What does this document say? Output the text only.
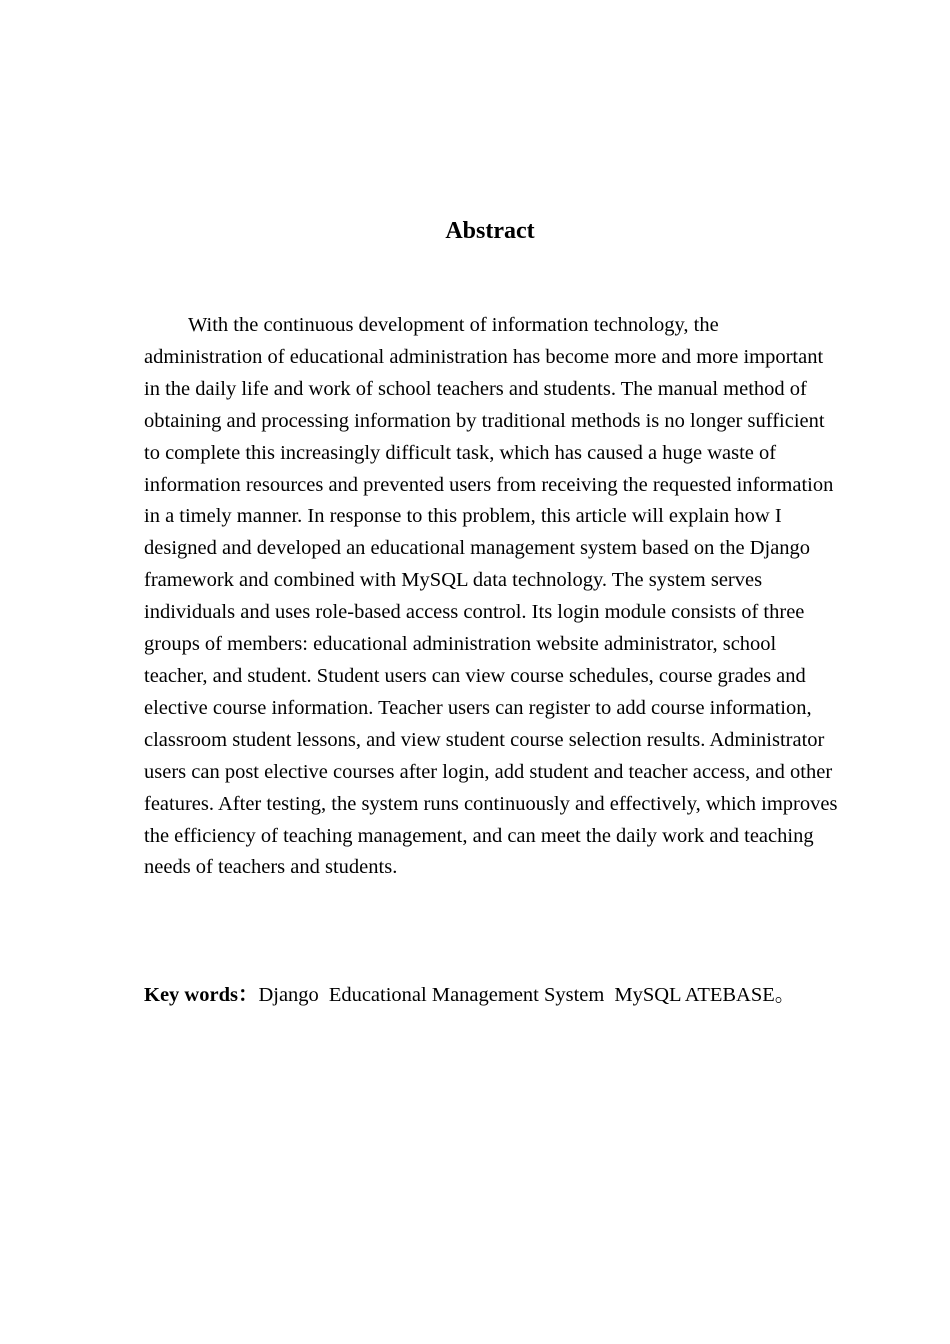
Abstract

With the continuous development of information technology, the administration of educational administration has become more and more important in the daily life and work of school teachers and students. The manual method of obtaining and processing information by traditional methods is no longer sufficient to complete this increasingly difficult task, which has caused a huge waste of information resources and prevented users from receiving the requested information in a timely manner. In response to this problem, this article will explain how I designed and developed an educational management system based on the Django framework and combined with MySQL data technology. The system serves individuals and uses role-based access control. Its login module consists of three groups of members: educational administration website administrator, school teacher, and student. Student users can view course schedules, course grades and elective course information. Teacher users can register to add course information, classroom student lessons, and view student course selection results. Administrator users can post elective courses after login, add student and teacher access, and other features. After testing, the system runs continuously and effectively, which improves the efficiency of teaching management, and can meet the daily work and teaching needs of teachers and students.

Key words：Django Educational Management System MySQL ATEBASE。
